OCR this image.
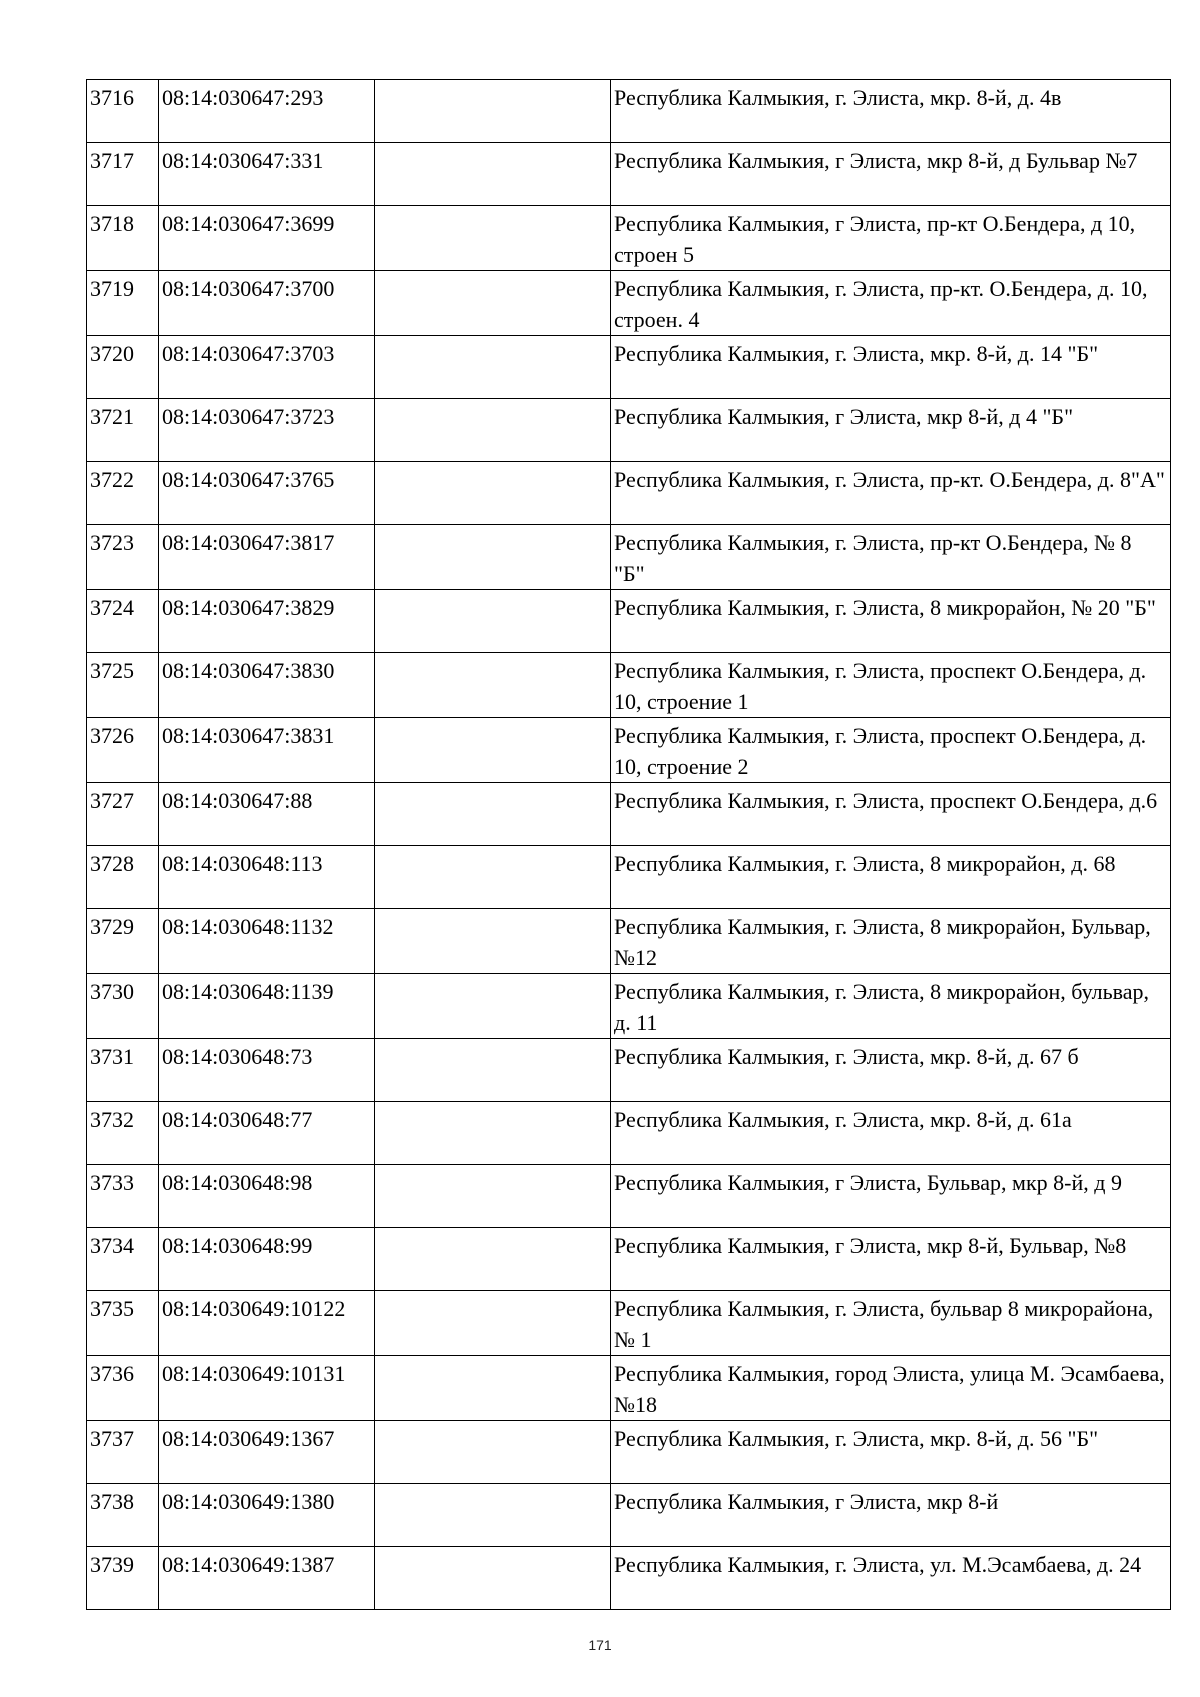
3716	08:14:030647:293		Республика Калмыкия, г. Элиста, мкр. 8-й, д. 4в

3717	08:14:030647:331		Республика Калмыкия, г Элиста, мкр 8-й, д Бульвар №7

3718	08:14:030647:3699		Республика Калмыкия, г Элиста, пр-кт О.Бендера, д 10, строен 5

3719	08:14:030647:3700		Республика Калмыкия, г. Элиста, пр-кт. О.Бендера, д. 10, строен. 4

3720	08:14:030647:3703		Республика Калмыкия, г. Элиста, мкр. 8-й, д. 14 "Б"

3721	08:14:030647:3723		Республика Калмыкия, г Элиста, мкр 8-й, д 4 "Б"

3722	08:14:030647:3765		Республика Калмыкия, г. Элиста, пр-кт. О.Бендера, д. 8"А"

3723	08:14:030647:3817		Республика Калмыкия, г. Элиста, пр-кт О.Бендера, № 8 "Б"

3724	08:14:030647:3829		Республика Калмыкия, г. Элиста, 8 микрорайон, № 20 "Б"

3725	08:14:030647:3830		Республика Калмыкия, г. Элиста, проспект О.Бендера, д. 10, строение 1

3726	08:14:030647:3831		Республика Калмыкия, г. Элиста, проспект О.Бендера, д. 10, строение 2

3727	08:14:030647:88		Республика Калмыкия, г. Элиста, проспект О.Бендера, д.6

3728	08:14:030648:113		Республика Калмыкия, г. Элиста, 8 микрорайон, д. 68

3729	08:14:030648:1132		Республика Калмыкия, г. Элиста, 8 микрорайон, Бульвар, №12

3730	08:14:030648:1139		Республика Калмыкия, г. Элиста, 8 микрорайон, бульвар, д. 11

3731	08:14:030648:73		Республика Калмыкия, г. Элиста, мкр. 8-й, д. 67 б

3732	08:14:030648:77		Республика Калмыкия, г. Элиста, мкр. 8-й, д. 61а

3733	08:14:030648:98		Республика Калмыкия, г Элиста, Бульвар, мкр 8-й, д 9

3734	08:14:030648:99		Республика Калмыкия, г Элиста, мкр 8-й, Бульвар, №8

3735	08:14:030649:10122		Республика Калмыкия, г. Элиста, бульвар 8 микрорайона, № 1

3736	08:14:030649:10131		Республика Калмыкия, город Элиста, улица М. Эсамбаева, №18

3737	08:14:030649:1367		Республика Калмыкия, г. Элиста, мкр. 8-й, д. 56 "Б"

3738	08:14:030649:1380		Республика Калмыкия, г Элиста, мкр 8-й

3739	08:14:030649:1387		Республика Калмыкия, г. Элиста, ул. М.Эсамбаева, д. 24
171
